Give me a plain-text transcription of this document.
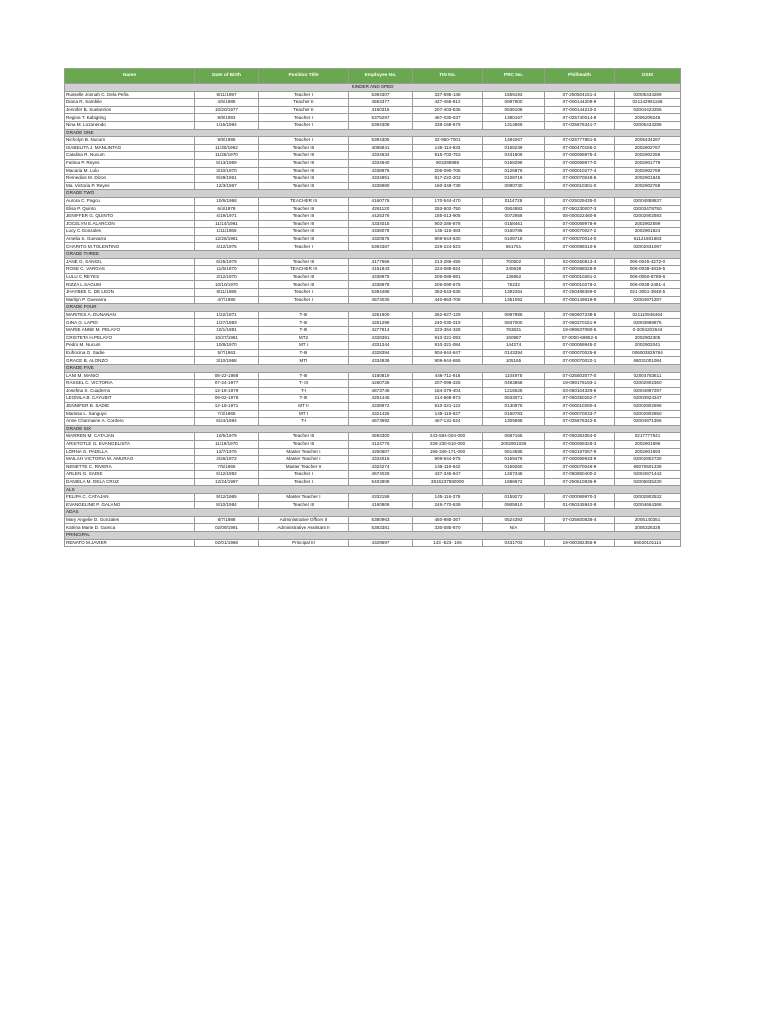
Name	Date of Birth	Position Title	Employee No.	TIN No.	PRC No.	Philhealth	GSIS
KINDER AND SPED							
Russelle Jonnah C. Dela Peña	8/11/1997	Teacher I	5394307	337-595-138	1569193	07-250504151-4	02005434289
Diana R. Sambile	4/5/1986	Teacher II	4593377	427-466-812	0997900	07-000144209-9	021142961158
Jennifer B. Suelanrion	10/20/1977	Teacher II	4160316	207-403-635	0636108	07-000144210-2	02004423255
Regina T. Kabigting	9/9/1993	Teacher I	5375297	467-030-537	1380167	07-025740014-8	2005209246
Nina M. Lozanendo	1/15/1994	Teacher I	5394308	338-168-679	1314869	07-025676341-7	02005434288
GRADE ONE							
Nicholyn B. Nucum	9/9/1995	Teacher I	5394305	32-950-7001	1484267	07-025777851-5	2005434287
ISABELITA J. MANLINTAG	11/30/1962	Teacher III	4065841	145-114-933	0158239	07-000470156-2	2002902767
Catalina R. Nucum	11/25/1970	Teacher III	4334934	915-702-753	0431809	07-000069975-4	2002902258
Fatima P. Reyes	5/13/1969	Teacher III	4334940	903288886	0158298	07-000069977-0	2002901779
Macaria M. Lulu	3/10/1970	Teacher III	4338976	206-090-706	0126876	07-000010277-4	2002902769
Remedios M. Dizon	9/28/1961	Teacher III	4334951	917-222-202	0108719	07-000070048-5	2002901845
Ma. Victoria P. Reyes	12/3/1967	Teacher III	4338980	160-348-738	0090730	07-000010301-0	2002902768
GRADE TWO							
Aurora C. Pagcu	10/6/1968	TEACHER III	4160776	170-544-470	0114728	07-025029435-0	02004888837
Elisa P. Quinto	6/4/1978	Teacher III	4261120	253-502-750	0504983	07-050230007-3	02003478750
JENIFFER G. QUINTO	4/19/1971	Teacher III	4425376	185-013-905	0072958	08-000022480-8	02002902593
JOCELYN E.ALARCON	11/14/1961	Teacher III	4334015	903-286-878	0158461	07-000069978-9	2002902599
Lucy C.Gonzales	1/11/1965	Teacher III	4338078	145-116-483	0160786	07-000070027-2	2002901824
Amelia S. Guevarra	12/26/1961	Teacher III	4320575	909-944-630	0108718	07-000070014-0	61121601683
CHARITO M.TOLENTINO	4/12/1975	Teacher I	5394367	229-224-523	561751	07-000099310-5	02002931097
GRADE THREE							
JANE G. SANGIL	6/25/1979	Teacher III	4177966	213-286-455	700502	02-000260813-4	006-0045-4272-0
ROSE C. VARGAS	11/5/1970	TEACHER III	4151843	224-086-824	240638	07-000088028-9	006-0038-4819-5
LULU C REYES	3/12/1970	Teacher III	4338975	206-089-981	136952	07-000010281-2	006-0050-8789-6
RIZZA L.SAGUM	10/10/1970	Teacher III	4338978	206-090-675	76232	07-000010278-2	006-0038-2461-4
JHAYBEE C. DE LEON	8/11/1995	Teacher I	5394488	353-543-636	1392264	07-250488369-0	021-3051-3848-5
Marilyn P. Guevarra	4/7/1990	Teacher I	4674030	440-963-708	1351092	07-000149619-9	02004971287
GRADE FOUR							
MARITES A. DUNANAN	1/22/1971	T-III	4261800	262-927-129	0997985	07-050607238-5	021110946464
GINA G. LAPID	1/27/1983	T-III	4261296	240-030-319	0837000	07-050370151-9	02003989876
MARIE ANNE M. PELAYO	10/1/1981	T-III	4277914	223-364-328	763631	19-089637090-5	0-2004202644
CRISTETA H.PELAYO	10/27/1961	MT2	4328391	910-321-093	160987	07-0000-69952-5	2002902305
Pedro M. Nucum	10/8/1970	MT I	4331344	910-321-084	144274	07-000069945-2	2002902041
Eufrocina G. Sadie	5/7/1963	T-III	4328394	904-944-647	0143294	07-000070025-6	006003826764
GRACE B. ALONZO	3/10/1968	MTI	4334939	909-944-655	105165	07-000070022-1	68031001084
GRADE FIVE							
LANI M. MANIO	08-22-1988	T-III	4160819	446-711-916	1104975	07-025603077-0	02004783611
RASSEL C. VICTORIA	07-24-1977	T- III	4260736	207-096-325	0493858	19-089178193-1	02002902360
Josefina S. Cuaderno	12-18-1979	T-I	4673746	184-379-404	1216525	03-050104329-6	02004987297
LEONILA B. CAYUBIT	09-02-1978	T-III	4261445	214-668-873	0633071	07-050350262-7	02003924347
JENNIFER B. SADIE	12-18-1971	MT II	4338972	910-321-122	0130975	07-000010280-4	02002902596
Marissa L. Sanguyo	7/3/1965	MT I	4321425	145-116-627	0160783	07-000070033-7	02002902850
Anne Charmaine A. Cordero	5/24/1994	T-I	4673992	467-131-524	1309598	07-025676342-5	02004971366
GRADE SIX							
WARREN M. CATAJAN	10/5/1979	Teacher III	4593300	243-594-004-000	0687165	07-050363354-0	0217777841
ARISTOTLE G. EVANGELISTA	11/19/1970	Teacher III	4124776	228-230-610-000	2002901036	07-000069328-3	2002901696
LORNA G. PADILLA	12/7/1976	Master Teacher I	4260607	196-346-171-000	0614595	07-050197067-9	2002901693
MAILAH VICTORIA M. AMURAO	3/26/1972	Master Teacher I	4334016	909-944-575	0159479	07-000069933-9	02002902730
NENETTE C. RIVERA	7/5/1965	Master Teacher II	4324274	145-116-642	0159260	07-000070046-9	65070501338
ARLEN G. SADIE	6/12/1992	Teacher I	4674029	437-345-947	1267348	07-050850400-2	02004971442
DANIELA M. DELA CRUZ	12/24/1997	Teacher I	5403808	3815237880000	1686672	07-250510936-9	02005835230
ALS							
FELIPA C. CATAJAN	9/12/1965	Master Teacher I	4332159	145-116-379	0159272	07-000069970-3	02002902532
EVANGELINE P. GALANG	8/10/1984	Teacher III	4160906	246-770-639	0905910	01-050245942-8	02004664366
ADAS							
Mary Angelie D. Gonzales	8/7/1988	Administrative Officer II	5380963	450-985-367	0524393	07-025600838-4	2005140351
Katrina Marie D. Gamca	02/09/1991	Administrative Assistant II	5383381	330-085-870	N/A		2005326328
PRINCIPAL							
RENATO M.JAVIER	02/01/1968	Principal III	4329597	143 -523- 106	0431703	19-000382355-9	66020101114
